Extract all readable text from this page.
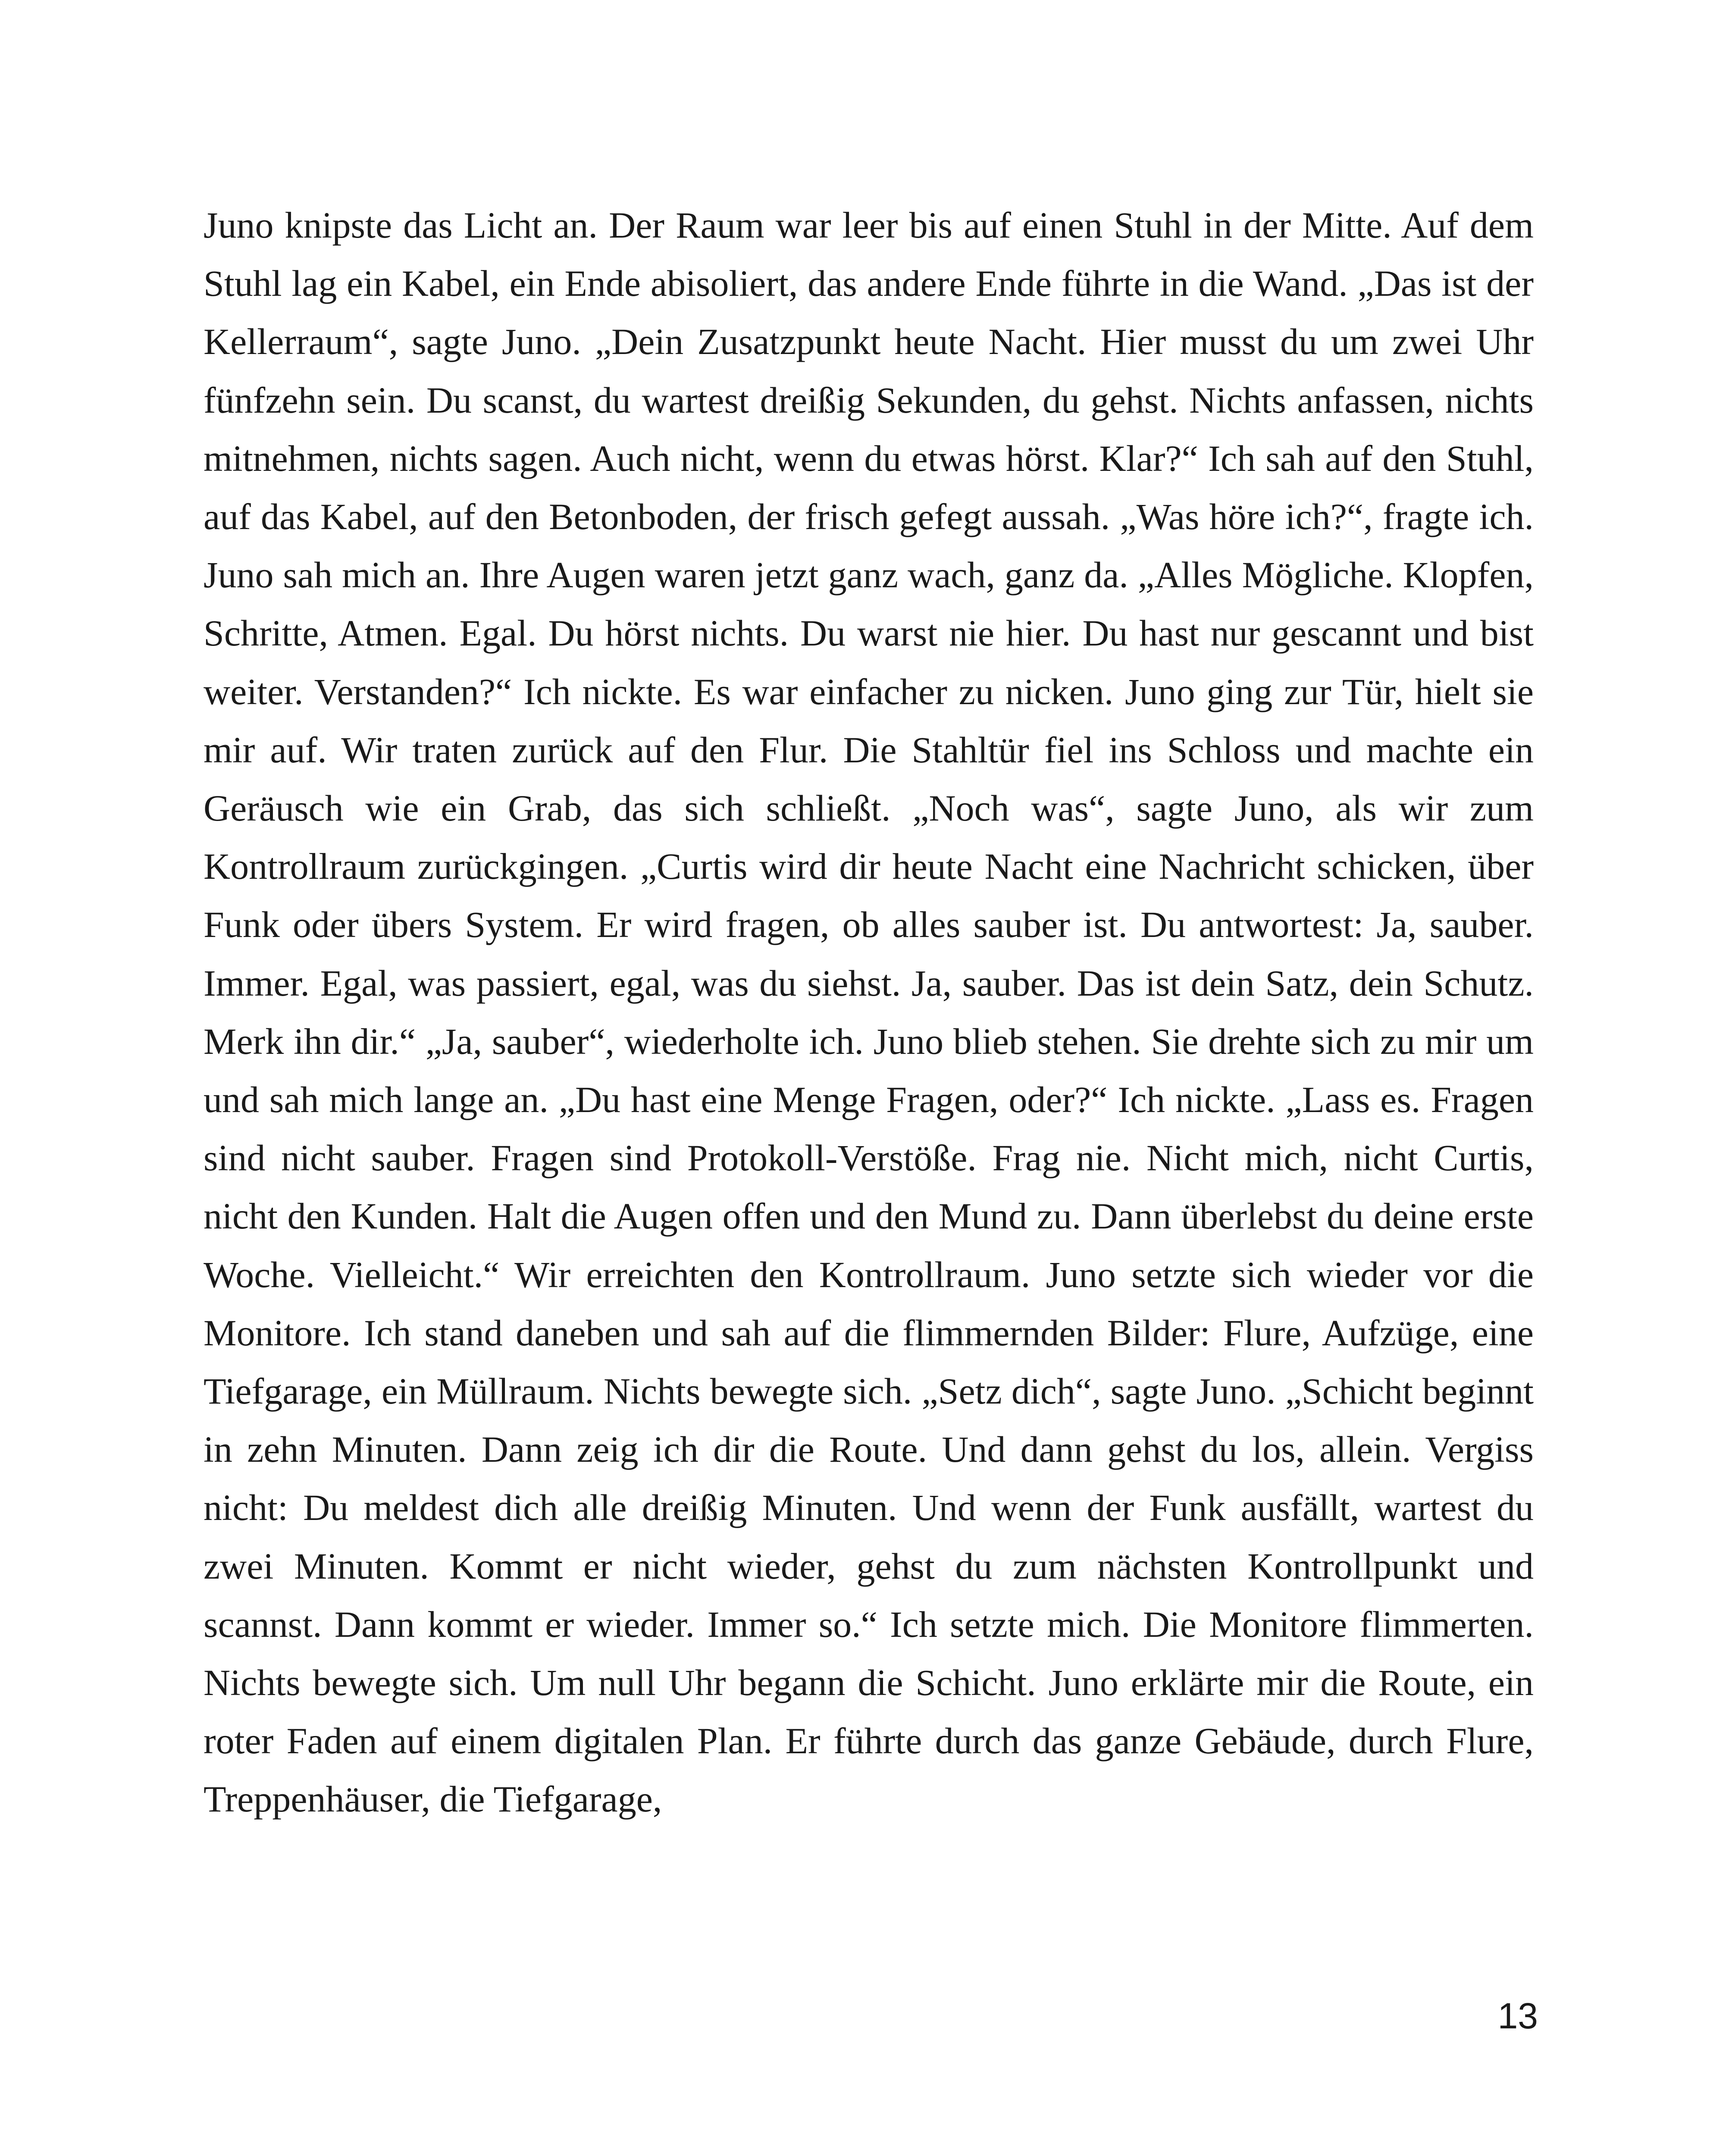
Juno knipste das Licht an. Der Raum war leer bis auf einen Stuhl in der Mitte. Auf dem Stuhl lag ein Kabel, ein Ende abisoliert, das andere Ende führte in die Wand. „Das ist der Kellerraum“, sagte Juno. „Dein Zusatzpunkt heute Nacht. Hier musst du um zwei Uhr fünfzehn sein. Du scanst, du wartest dreißig Sekunden, du gehst. Nichts anfassen, nichts mitnehmen, nichts sagen. Auch nicht, wenn du etwas hörst. Klar?“ Ich sah auf den Stuhl, auf das Kabel, auf den Betonboden, der frisch gefegt aussah. „Was höre ich?“, fragte ich. Juno sah mich an. Ihre Augen waren jetzt ganz wach, ganz da. „Alles Mögliche. Klopfen, Schritte, Atmen. Egal. Du hörst nichts. Du warst nie hier. Du hast nur gescannt und bist weiter. Verstanden?“ Ich nickte. Es war einfacher zu nicken. Juno ging zur Tür, hielt sie mir auf. Wir traten zurück auf den Flur. Die Stahltür fiel ins Schloss und machte ein Geräusch wie ein Grab, das sich schließt. „Noch was“, sagte Juno, als wir zum Kontrollraum zurückgingen. „Curtis wird dir heute Nacht eine Nachricht schicken, über Funk oder übers System. Er wird fragen, ob alles sauber ist. Du antwortest: Ja, sauber. Immer. Egal, was passiert, egal, was du siehst. Ja, sauber. Das ist dein Satz, dein Schutz. Merk ihn dir.“ „Ja, sauber“, wiederholte ich. Juno blieb stehen. Sie drehte sich zu mir um und sah mich lange an. „Du hast eine Menge Fragen, oder?“ Ich nickte. „Lass es. Fragen sind nicht sauber. Fragen sind Protokoll-Verstöße. Frag nie. Nicht mich, nicht Curtis, nicht den Kunden. Halt die Augen offen und den Mund zu. Dann überlebst du deine erste Woche. Vielleicht.“ Wir erreichten den Kontrollraum. Juno setzte sich wieder vor die Monitore. Ich stand daneben und sah auf die flimmernden Bilder: Flure, Aufzüge, eine Tiefgarage, ein Müllraum. Nichts bewegte sich. „Setz dich“, sagte Juno. „Schicht beginnt in zehn Minuten. Dann zeig ich dir die Route. Und dann gehst du los, allein. Vergiss nicht: Du meldest dich alle dreißig Minuten. Und wenn der Funk ausfällt, wartest du zwei Minuten. Kommt er nicht wieder, gehst du zum nächsten Kontrollpunkt und scannst. Dann kommt er wieder. Immer so.“ Ich setzte mich. Die Monitore flimmerten. Nichts bewegte sich. Um null Uhr begann die Schicht. Juno erklärte mir die Route, ein roter Faden auf einem digitalen Plan. Er führte durch das ganze Gebäude, durch Flure, Treppenhäuser, die Tiefgarage,

13
